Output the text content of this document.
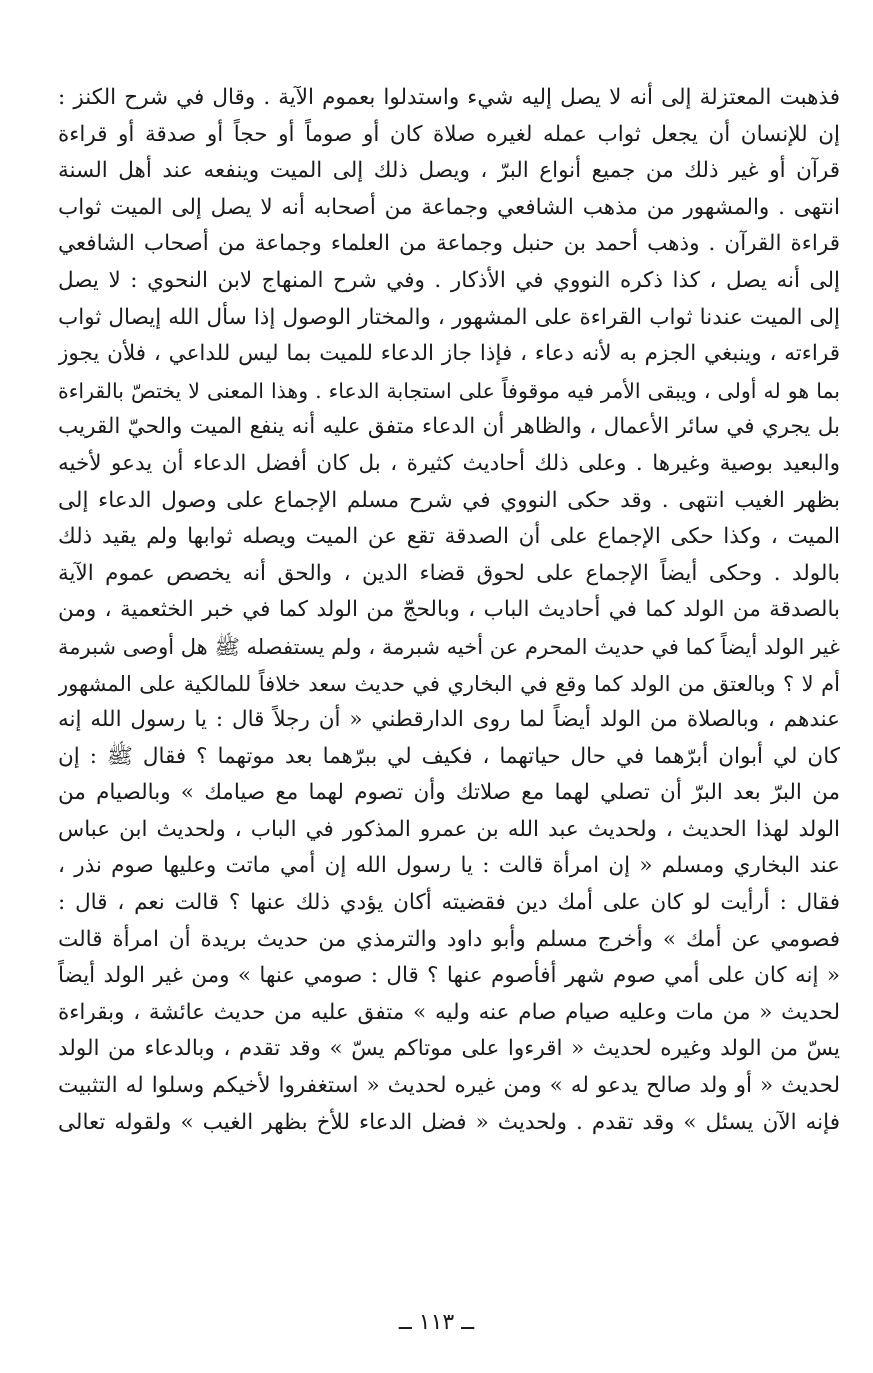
فذهبت المعتزلة إلى أنه لا يصل إليه شيء واستدلوا بعموم الآية . وقال في شرح الكنز :
إن للإنسان أن يجعل ثواب عمله لغيره صلاة كان أو صوماً أو حجاً أو صدقة أو قراءة
قرآن أو غير ذلك من جميع أنواع البرّ ، ويصل ذلك إلى الميت وينفعه عند أهل السنة
انتهى . والمشهور من مذهب الشافعي وجماعة من أصحابه أنه لا يصل إلى الميت ثواب
قراءة القرآن . وذهب أحمد بن حنبل وجماعة من العلماء وجماعة من أصحاب الشافعي
إلى أنه يصل ، كذا ذكره النووي في الأذكار . وفي شرح المنهاج لابن النحوي : لا يصل
إلى الميت عندنا ثواب القراءة على المشهور ، والمختار الوصول إذا سأل الله إيصال ثواب
قراءته ، وينبغي الجزم به لأنه دعاء ، فإذا جاز الدعاء للميت بما ليس للداعي ، فلأن يجوز
بما هو له أولى ، ويبقى الأمر فيه موقوفاً على استجابة الدعاء . وهذا المعنى لا يختصّ بالقراءة
بل يجري في سائر الأعمال ، والظاهر أن الدعاء متفق عليه أنه ينفع الميت والحيّ القريب
والبعيد بوصية وغيرها . وعلى ذلك أحاديث كثيرة ، بل كان أفضل الدعاء أن يدعو لأخيه
بظهر الغيب انتهى . وقد حكى النووي في شرح مسلم الإجماع على وصول الدعاء إلى
الميت ، وكذا حكى الإجماع على أن الصدقة تقع عن الميت ويصله ثوابها ولم يقيد ذلك
بالولد . وحكى أيضاً الإجماع على لحوق قضاء الدين ، والحق أنه يخصص عموم الآية
بالصدقة من الولد كما في أحاديث الباب ، وبالحجّ من الولد كما في خبر الخثعمية ، ومن
غير الولد أيضاً كما في حديث المحرم عن أخيه شبرمة ، ولم يستفصله ﷺ هل أوصى شبرمة
أم لا ؟ وبالعتق من الولد كما وقع في البخاري في حديث سعد خلافاً للمالكية على المشهور
عندهم ، وبالصلاة من الولد أيضاً لما روى الدارقطني « أن رجلاً قال : يا رسول الله إنه
كان لي أبوان أبرّهما في حال حياتهما ، فكيف لي ببرّهما بعد موتهما ؟ فقال ﷺ : إن
من البرّ بعد البرّ أن تصلي لهما مع صلاتك وأن تصوم لهما مع صيامك » وبالصيام من
الولد لهذا الحديث ، ولحديث عبد الله بن عمرو المذكور في الباب ، ولحديث ابن عباس
عند البخاري ومسلم « إن امرأة قالت : يا رسول الله إن أمي ماتت وعليها صوم نذر ،
فقال : أرأيت لو كان على أمك دين فقضيته أكان يؤدي ذلك عنها ؟ قالت نعم ، قال :
فصومي عن أمك » وأخرج مسلم وأبو داود والترمذي من حديث بريدة أن امرأة قالت
« إنه كان على أمي صوم شهر أفأصوم عنها ؟ قال : صومي عنها » ومن غير الولد أيضاً
لحديث « من مات وعليه صيام صام عنه وليه » متفق عليه من حديث عائشة ، وبقراءة
يسّ من الولد وغيره لحديث « اقرءوا على موتاكم يسّ » وقد تقدم ، وبالدعاء من الولد
لحديث « أو ولد صالح يدعو له » ومن غيره لحديث « استغفروا لأخيكم وسلوا له التثبيت
فإنه الآن يسئل » وقد تقدم . ولحديث « فضل الدعاء للأخ بظهر الغيب » ولقوله تعالى
ــ ١١٣ ــ
